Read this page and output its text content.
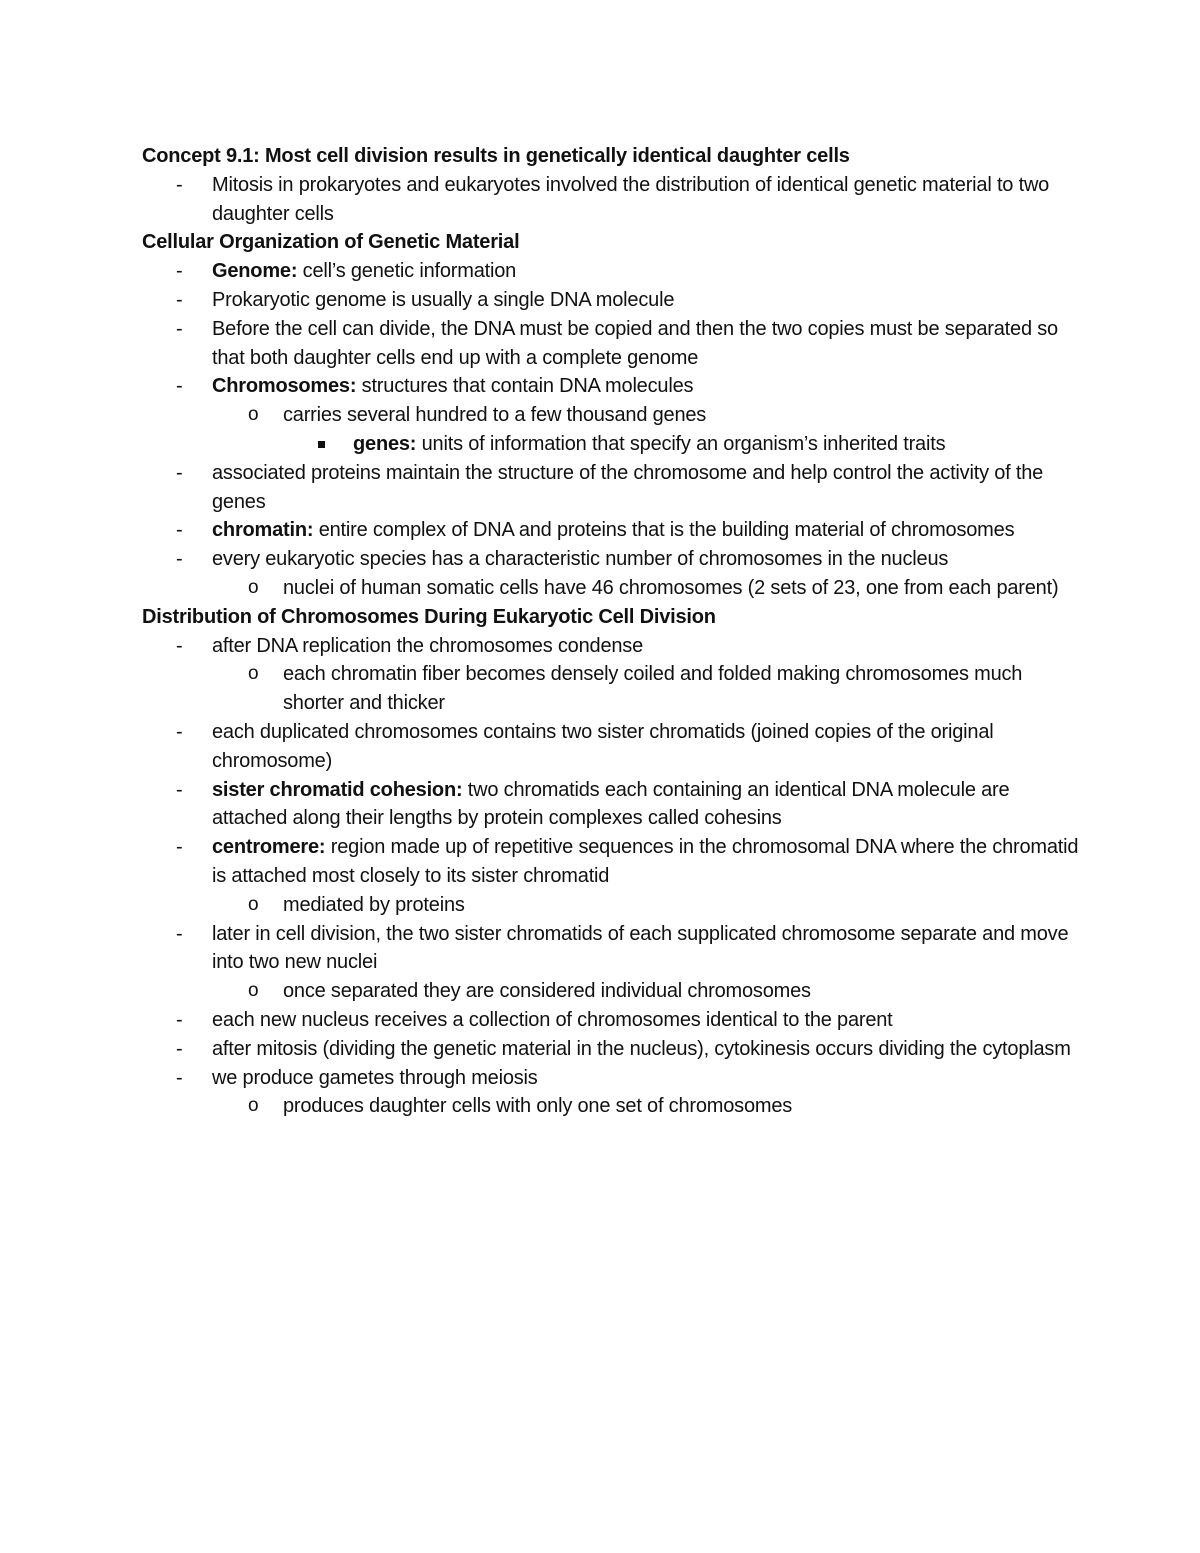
Concept 9.1: Most cell division results in genetically identical daughter cells

- Mitosis in prokaryotes and eukaryotes involved the distribution of identical genetic material to two daughter cells

Cellular Organization of Genetic Material

- Genome: cell’s genetic information

- Prokaryotic genome is usually a single DNA molecule

- Before the cell can divide, the DNA must be copied and then the two copies must be separated so that both daughter cells end up with a complete genome

- Chromosomes: structures that contain DNA molecules

o carries several hundred to a few thousand genes

genes: units of information that specify an organism’s inherited traits

- associated proteins maintain the structure of the chromosome and help control the activity of the genes

- chromatin: entire complex of DNA and proteins that is the building material of chromosomes

- every eukaryotic species has a characteristic number of chromosomes in the nucleus

o nuclei of human somatic cells have 46 chromosomes (2 sets of 23, one from each parent)

Distribution of Chromosomes During Eukaryotic Cell Division

- after DNA replication the chromosomes condense

o each chromatin fiber becomes densely coiled and folded making chromosomes much shorter and thicker

- each duplicated chromosomes contains two sister chromatids (joined copies of the original chromosome)

- sister chromatid cohesion: two chromatids each containing an identical DNA molecule are attached along their lengths by protein complexes called cohesins

- centromere: region made up of repetitive sequences in the chromosomal DNA where the chromatid is attached most closely to its sister chromatid

o mediated by proteins

- later in cell division, the two sister chromatids of each supplicated chromosome separate and move into two new nuclei

o once separated they are considered individual chromosomes

- each new nucleus receives a collection of chromosomes identical to the parent

- after mitosis (dividing the genetic material in the nucleus), cytokinesis occurs dividing the cytoplasm

- we produce gametes through meiosis

o produces daughter cells with only one set of chromosomes
